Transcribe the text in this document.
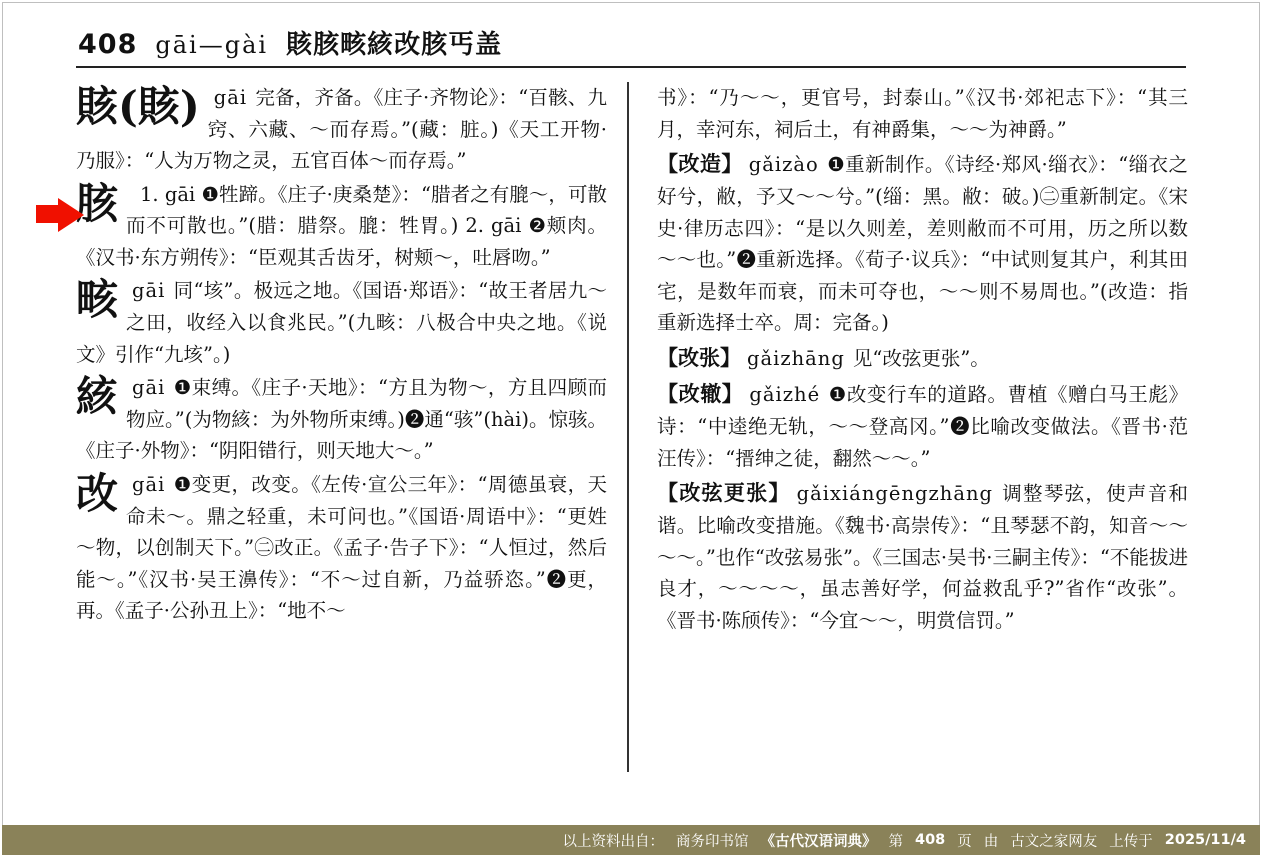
408 gāi—gài 賅胲畡絯改胲丐盖
賅(賅) gāi 完备，齐备。《庄子·齐物论》：“百骸、九窍、六藏、～而存焉。”(藏：脏。)《天工开物·乃服》：“人为万物之灵，五官百体～而存焉。”
胲	1. gāi ❶牲蹄。《庄子·庚桑楚》：“腊者之有膍～，可散而不可散也。”(腊：腊祭。膍：牲胃。) 2. gāi ❷颊肉。《汉书·东方朔传》：“臣观其舌齿牙，树颊～，吐唇吻。”
畡 gāi 同“垓”。极远之地。《国语·郑语》：“故王者居九～之田，收经入以食兆民。”(九畡：八极合中央之地。《说文》引作“九垓”。)
絯 gāi ❶束缚。《庄子·天地》：“方且为物～，方且四顾而物应。”(为物絯：为外物所束缚。)❷通“骇”(hài)。惊骇。《庄子·外物》：“阴阳错行，则天地大～。”
改 gāi ❶变更，改变。《左传·宣公三年》：“周德虽衰，天命未～。鼎之轻重，未可问也。”《国语·周语中》：“更姓～物，以创制天下。”㊁改正。《孟子·告子下》：“人恒过，然后能～。”《汉书·吴王濞传》：“不～过自新，乃益骄恣。”❷更，再。《孟子·公孙丑上》：“地不～
书》：“乃～～，更官号，封泰山。”《汉书·郊祀志下》：“其三月，幸河东，祠后土，有神爵集，～～为神爵。”
【改造】 gǎizào ❶重新制作。《诗经·郑风·缁衣》：“缁衣之好兮，敝，予又～～兮。”(缁：黑。敝：破。)㊁重新制定。《宋史·律历志四》：“是以久则差，差则敝而不可用，历之所以数～～也。”❷重新选择。《荀子·议兵》：“中试则复其户，利其田宅，是数年而衰，而未可夺也，～～则不易周也。”(改造：指重新选择士卒。周：完备。)
【改张】 gǎizhāng 见“改弦更张”。
【改辙】 gǎizhé ❶改变行车的道路。曹植《赠白马王彪》诗：“中逵绝无轨，～～登高冈。”❷比喻改变做法。《晋书·范汪传》：“搢绅之徒，翻然～～。”
【改弦更张】 gǎixiángēngzhāng 调整琴弦，使声音和谐。比喻改变措施。《魏书·高崇传》：“且琴瑟不韵，知音～～～～。”也作“改弦易张”。《三国志·吴书·三嗣主传》：“不能拔进良才，～～～～，虽志善好学，何益救乱乎?”省作“改张”。《晋书·陈颀传》：“今宜～～，明赏信罚。”
以上资料出自： 商务印书馆 《古代汉语词典》 第 408 页 由 古文之家网友 上传于 2025/11/4
